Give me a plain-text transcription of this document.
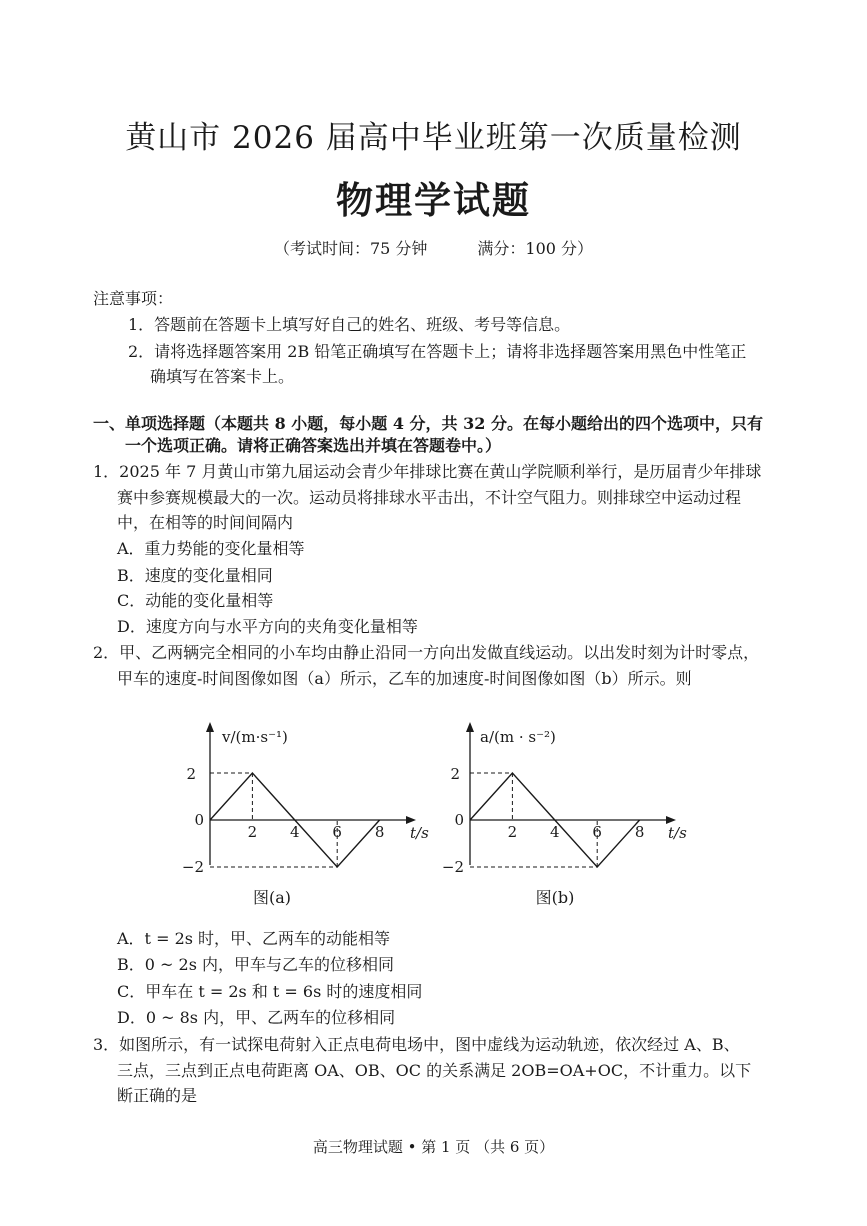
黄山市 2026 届高中毕业班第一次质量检测
物理学试题
（考试时间：75 分钟	满分：100 分）
注意事项：
1．答题前在答题卡上填写好自己的姓名、班级、考号等信息。
2．请将选择题答案用 2B 铅笔正确填写在答题卡上；请将非选择题答案用黑色中性笔正
确填写在答案卡上。
一、单项选择题（本题共 8 小题，每小题 4 分，共 32 分。在每小题给出的四个选项中，只有
一个选项正确。请将正确答案选出并填在答题卷中。）
1．2025 年 7 月黄山市第九届运动会青少年排球比赛在黄山学院顺利举行，是历届青少年排球
赛中参赛规模最大的一次。运动员将排球水平击出，不计空气阻力。则排球空中运动过程
中，在相等的时间间隔内
A．重力势能的变化量相等
B．速度的变化量相同
C．动能的变化量相等
D．速度方向与水平方向的夹角变化量相等
2．甲、乙两辆完全相同的小车均由静止沿同一方向出发做直线运动。以出发时刻为计时零点，
甲车的速度-时间图像如图（a）所示，乙车的加速度-时间图像如图（b）所示。则
v/(m·s⁻¹)
t/s
2
0
−2
2 4 6 8
图(a)
a/(m · s⁻²)
t/s
2
0
−2
2 4 6 8
图(b)
A．t = 2s 时，甲、乙两车的动能相等
B．0 ~ 2s 内，甲车与乙车的位移相同
C．甲车在 t = 2s 和 t = 6s 时的速度相同
D．0 ~ 8s 内，甲、乙两车的位移相同
3．如图所示，有一试探电荷射入正点电荷电场中，图中虚线为运动轨迹，依次经过 A、B、
三点，三点到正点电荷距离 OA、OB、OC 的关系满足 2OB=OA+OC，不计重力。以下
断正确的是
高三物理试题 • 第 1 页 （共 6 页）
